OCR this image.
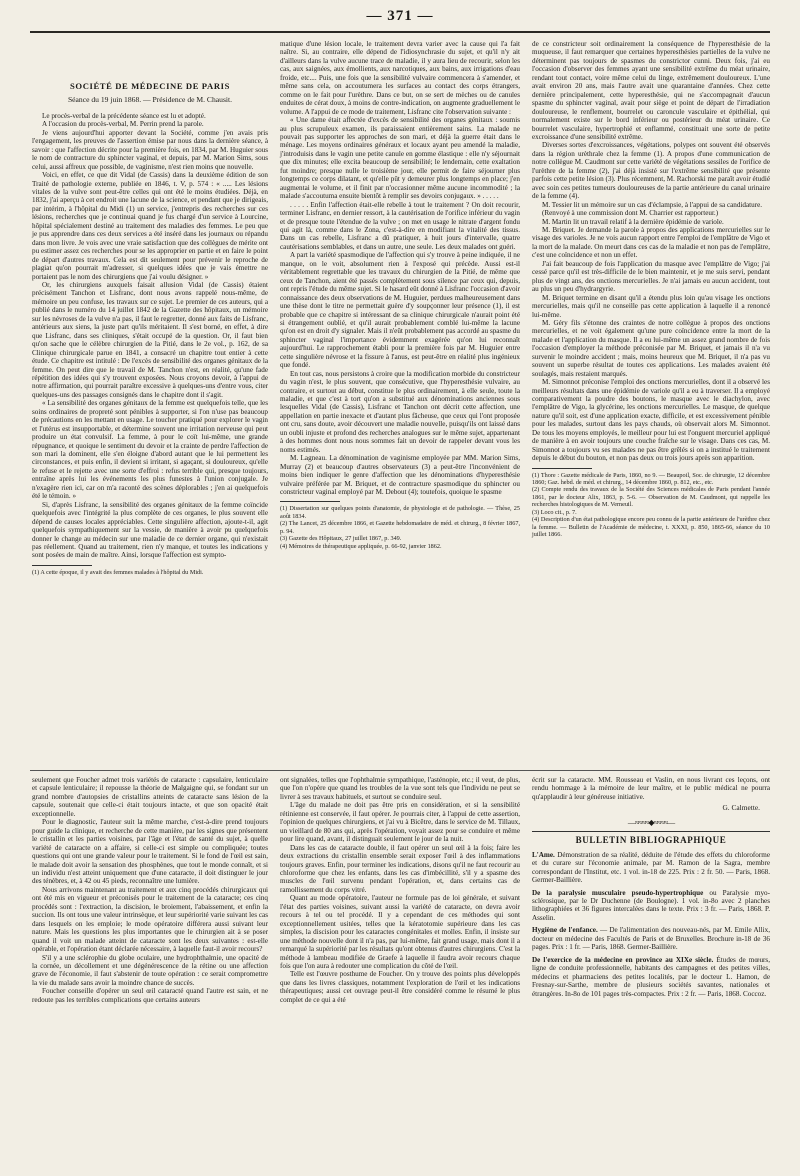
— 371 —
SOCIÉTÉ DE MÉDECINE DE PARIS
Séance du 19 juin 1868. — Présidence de M. Chausit.

Le procès-verbal de la précédente séance est lu et adopté.

A l'occasion du procès-verbal, M. Perrin prend la parole.

Je viens aujourd'hui apporter devant la Société, comme j'en avais pris l'engagement, les preuves de l'assertion émise par nous dans la dernière séance, à savoir : que l'affection décrite pour la première fois, en 1834, par M. Huguier sous le nom de contracture du sphincter vaginal, et depuis, par M. Marion Sims, sous celui, aussi affreux que possible, de vaginisme, n'est rien moins que nouvelle.

Voici, en effet, ce que dit Vidal (de Cassis) dans la deuxième édition de son Traité de pathologie externe, publiée en 1846, t. V, p. 574 : « ..... Les lésions vitales de la vulve sont peut-être celles qui ont été le moins étudiées. Déjà, en 1832, j'ai aperçu à cet endroit une lacune de la science, et pendant que je dirigeais, par intérim, à l'hôpital du Midi (1) un service, j'entrepris des recherches sur ces lésions, recherches que je continuai quand je fus chargé d'un service à Lourcine, hôpital spécialement destiné au traitement des maladies des femmes. Le peu que je pus apprendre dans ces deux services a été inséré dans les journaux ou répandu dans mon livre. Je vois avec une vraie satisfaction que des collègues de mérite ont pu estimer assez ces recherches pour se les approprier en partie et en faire le point de départ d'autres travaux. Cela est dit seulement pour prévenir le reproche de plagiat qu'on pourrait m'adresser, si quelques idées que je vais émettre ne portaient pas le nom des chirurgiens que j'ai voulu désigner. »

Or, les chirurgiens auxquels faisait allusion Vidal (de Cassis) étaient précisément Tanchon et Lisfranc, dont nous avons rappelé nous-même, de mémoire un peu confuse, les travaux sur ce sujet. Le premier de ces auteurs, qui a publié dans le numéro du 14 juillet 1842 de la Gazette des hôpitaux, un mémoire sur les névroses de la vulve n'a pas, il faut le regretter, donné aux faits de Lisfranc, antérieurs aux siens, la juste part qu'ils méritaient. Il s'est borné, en effet, à dire que Lisfranc, dans ses cliniques, s'était occupé de la question. Or, il faut bien qu'on sache que le célèbre chirurgien de la Pitié, dans le 2e vol., p. 162, de sa Clinique chirurgicale parue en 1841, a consacré un chapitre tout entier à cette étude. Ce chapitre est intitulé : De l'excès de sensibilité des organes génitaux de la femme. On peut dire que le travail de M. Tanchon n'est, en réalité, qu'une fade répétition des idées qui s'y trouvent exposées. Nous croyons devoir, à l'appui de notre affirmation, qui pourrait paraître excessive à quelques-uns d'entre vous, citer quelques-uns des passages consignés dans le chapitre dont il s'agit.

« La sensibilité des organes génitaux de la femme est quelquefois telle, que les soins ordinaires de propreté sont pénibles à supporter, si l'on n'use pas beaucoup de précautions en les mettant en usage. Le toucher pratiqué pour explorer le vagin et l'utérus est insupportable, et détermine souvent une irritation nerveuse qui peut produire un état convulsif. La femme, à pour le coït lui-même, une grande répugnance, et quoique le sentiment du devoir et la crainte de perdre l'affection de son mari la dominent, elle s'en éloigne d'abord autant que le lui permettent les circonstances, et puis enfin, il devient si irritant, si agaçant, si douloureux, qu'elle le refuse et le rejette avec une sorte d'effroi : refus terrible qui, presque toujours, entraîne après lui les événements les plus funestes à l'union conjugale. Je n'exagère rien ici, car on m'a raconté des scènes déplorables ; j'en ai quelquefois été le témoin. »

Si, d'après Lisfranc, la sensibilité des organes génitaux de la femme coïncide quelquefois avec l'intégrité la plus complète de ces organes, le plus souvent elle dépend de causes locales appréciables. Cette singulière affection, ajoute-t-il, agit quelquefois sympathiquement sur la vessie, de manière à avoir pu quelquefois donner le change au médecin sur une maladie de ce dernier organe, qui n'existait pas réellement. Quand au traitement, rien n'y manque, et toutes les indications y sont posées de main de maître. Ainsi, lorsque l'affection est sympto-

(1) A cette époque, il y avait des femmes malades à l'hôpital du Midi.

matique d'une lésion locale, le traitement devra varier avec la cause qui l'a fait naître. Si, au contraire, elle dépend de l'idiosynchrasie du sujet, et qu'il n'y ait d'ailleurs dans la vulve aucune trace de maladie, il y aura lieu de recourir, selon les cas, aux saignées, aux émollients, aux narcotiques, aux bains, aux irrigations d'eau froide, etc.... Puis, une fois que la sensibilité vulvaire commencera à s'amender, et même sans cela, on accoutumera les surfaces au contact des corps étrangers, comme on le fait pour l'urèthre. Dans ce but, on se sert de mèches ou de canules enduites de cérat doux, à moins de contre-indication, on augmente graduellement le volume. A l'appui de ce mode de traitement, Lisfranc cite l'observation suivante :

« Une dame était affectée d'excès de sensibilité des organes génitaux : soumis au plus scrupuleux examen, ils paraissaient entièrement sains. La malade ne pouvait pas supporter les approches de son mari, et déjà la guerre était dans le ménage. Les moyens ordinaires généraux et locaux ayant peu amendé la maladie, j'introduisis dans le vagin une petite canule en gomme élastique : elle n'y séjournait que dix minutes; elle excita beaucoup de sensibilité; le lendemain, cette exaltation fut moindre; presque nulle le troisième jour, elle permit de faire séjourner plus longtemps ce corps dilatant, et qu'elle pût y demeurer plus longtemps en place; j'en augmentai le volume, et il finit par n'occasionner même aucune incommodité ; la malade s'accoutuma ensuite bientôt à remplir ses devoirs conjugaux. » . . . . .

. . . . . Enfin l'affection était-elle rebelle à tout le traitement ? On doit recourir, terminer Lisfranc, en dernier ressort, à la cautérisation de l'orifice inférieur du vagin et de presque toute l'étendue de la vulve ; on met en usage le nitrate d'argent fondu qui agit là, comme dans le Zona, c'est-à-dire en modifiant la vitalité des tissus. Dans un cas rebelle, Lisfranc a dû pratiquer, à huit jours d'intervalle, quatre cautérisations semblables, et dans un autre, une seule. Les deux malades ont guéri.

A part la variété spasmodique de l'affection qui s'y trouve à peine indiquée, il ne manque, on le voit, absolument rien à l'exposé qui précède. Aussi est-il véritablement regrettable que les travaux du chirurgien de la Pitié, de même que ceux de Tanchon, aient été passés complètement sous silence par ceux qui, depuis, ont repris l'étude du même sujet. Si le hasard eût donné à Lisfranc l'occasion d'avoir connaissance des deux observations de M. Huguier, perdues malheureusement dans une thèse dont le titre ne permettait guère d'y soupçonner leur présence (1), il est probable que ce chapitre si intéressant de sa clinique chirurgicale n'aurait point été si étrangement oublié, et qu'il aurait probablement comblé lui-même la lacune qu'on est en droit d'y signaler. Mais il n'eût probablement pas accordé au spasme du sphincter vaginal l'importance évidemment exagérée qu'on lui reconnaît aujourd'hui. Le rapprochement établi pour la première fois par M. Huguier entre cette singulière névrose et la fissure à l'anus, est peut-être en réalité plus ingénieux que fondé.

En tout cas, nous persistons à croire que la modification morbide du constricteur du vagin n'est, le plus souvent, que consécutive, que l'hyperesthésie vulvaire, au contraire, et surtout au début, constitue le plus ordinairement, à elle seule, toute la maladie, et que c'est à tort qu'on a substitué aux dénominations anciennes sous lesquelles Vidal (de Cassis), Lisfranc et Tanchon ont décrit cette affection, une appellation en partie inexacte et d'autant plus fâcheuse, que ceux qui l'ont proposée ont cru, sans doute, avoir découvert une maladie nouvelle, puisqu'ils ont laissé dans un oubli injuste et profond des recherches analogues sur le même sujet, appartenant à des hommes dont nous nous sommes fait un devoir de rappeler devant vous les noms estimés.

M. Lagneau. La dénomination de vaginisme employée par MM. Marion Sims, Murray (2) et beaucoup d'autres observateurs (3) a peut-être l'inconvénient de moins bien indiquer le genre d'affection que les dénominations d'hyperesthésie vulvaire préférée par M. Briquet, et de contracture spasmodique du sphincter ou constricteur vaginal employé par M. Debout (4); toutefois, quoique le spasme

(1) Dissertation sur quelques points d'anatomie, de physiologie et de pathologie. — Thèse, 25 août 1834.

(2) The Lancet, 25 décembre 1866, et Gazette hebdomadaire de méd. et chirurg., 8 février 1867, p. 94.

(3) Gazette des Hôpitaux, 27 juillet 1867, p. 349.

(4) Mémoires de thérapeutique appliquée, p. 66-92, janvier 1862.

de ce constricteur soit ordinairement la conséquence de l'hyperesthésie de la muqueuse, il faut remarquer que certaines hyperesthésies partielles de la vulve ne déterminent pas toujours de spasmes du constrictor cunni. Deux fois, j'ai eu l'occasion d'observer des femmes ayant une sensibilité extrême du méat urinaire, rendant tout contact, voire même celui du linge, extrêmement douloureux. L'une avait environ 20 ans, mais l'autre avait une quarantaine d'années. Chez cette dernière principalement, cette hyperesthésie, qui ne s'accompagnait d'aucun spasme du sphincter vaginal, avait pour siège et point de départ de l'irradiation douloureuse, le renflement, bourrelet ou caroncule vasculaire et épithélial, qui normalement existe sur le bord inférieur ou postérieur du méat urinaire. Ce bourrelet vasculaire, hypertrophié et enflammé, constituait une sorte de petite excroissance d'une sensibilité extrême.

Diverses sortes d'excroissances, végétations, polypes ont souvent été observés dans la région urèthrale chez la femme (1). A propos d'une communication de notre collègue M. Caudmont sur cette variété de végétations sessiles de l'orifice de l'urèthre de la femme (2), j'ai déjà insisté sur l'extrême sensibilité que présente parfois cette petite lésion (3). Plus récemment, M. Rachorski me paraît avoir étudié avec soin ces petites tumeurs douloureuses de la partie antérieure du canal urinaire de la femme (4).

M. Tessier lit un mémoire sur un cas d'éclampsie, à l'appui de sa candidature.

(Renvoyé à une commission dont M. Charrier est rapporteur.)

M. Martin lit un travail relatif à la dernière épidémie de variole.

M. Briquet. Je demande la parole à propos des applications mercurielles sur le visage des varioles. Je ne vois aucun rapport entre l'emploi de l'emplâtre de Vigo et la mort de la malade. On meurt dans ces cas de la maladie et non pas de l'emplâtre, c'est une coïncidence et non un effet.

J'ai fait beaucoup de fois l'application du masque avec l'emplâtre de Vigo; j'ai cessé parce qu'il est très-difficile de le bien maintenir, et je me suis servi, pendant plus de vingt ans, des onctions mercurielles. Je n'ai jamais eu aucun accident, tout au plus un peu d'hydrargyrie.

M. Briquet termine en disant qu'il a étendu plus loin qu'au visage les onctions mercurielles, mais qu'il ne conseille pas cette application à laquelle il a renoncé lui-même.

M. Géry fils s'étonne des craintes de notre collègue à propos des onctions mercurielles, et ne voit également qu'une pure coïncidence entre la mort de la malade et l'application du masque. Il a eu lui-même un assez grand nombre de fois l'occasion d'employer la méthode préconisée par M. Briquet, et jamais il n'a vu survenir le moindre accident ; mais, moins heureux que M. Briquet, il n'a pas vu souvent un superbe résultat de toutes ces applications. Les malades avaient été soulagés, mais restaient marqués.

M. Simonnot préconise l'emploi des onctions mercurielles, dont il a observé les meilleurs résultats dans une épidémie de variole qu'il a eu à traverser. Il a employé comparativement la poudre des boutons, le masque avec le diachylon, avec l'emplâtre de Vigo, la glycérine, les onctions mercurielles. Le masque, de quelque nature qu'il soit, est d'une application exacte, difficile, et est excessivement pénible pour les malades, surtout dans les pays chauds, où observait alors M. Simonnot. De tous les moyens employés, le meilleur pour lui est l'onguent mercuriel appliqué de manière à en avoir toujours une couche fraîche sur le visage. Dans ces cas, M. Simonnot a toujours vu ses malades ne pas être grêlés si on a institué le traitement depuis le début du bouton, et non pas deux ou trois jours après son apparition.

(1) Thore : Gazette médicale de Paris, 1860, no 9. — Beaupoil, Soc. de chirurgie, 12 décembre 1860; Gaz. hebd. de méd. et chirurg., 14 décembre 1860, p. 812, etc., etc.

(2) Compte rendu des travaux de la Société des Sciences médicales de Paris pendant l'année 1861, par le docteur Alix, 1863, p. 5-6. — Observation de M. Caudmont, qui rappelle les recherches histologiques de M. Verneuil.

(3) Loco cit., p. 7.

(4) Description d'un état pathologique encore peu connu de la partie antérieure de l'urèthre chez la femme. — Bulletin de l'Académie de médecine, t. XXXI, p. 850, 1865-66, séance du 10 juillet 1866.

seulement que Foucher admet trois variétés de cataracte : capsulaire, lenticulaire et capsule lenticulaire; il repousse la théorie de Malgaigne qui, se fondant sur un grand nombre d'autopsies de cristallins atteints de cataracte sans lésion de la capsule, soutenait que celle-ci était toujours intacte, et que son opacité était exceptionnelle.

Pour le diagnostic, l'auteur suit la même marche, c'est-à-dire prend toujours pour guide la clinique, et recherche de cette manière, par les signes que présentent le cristallin et les parties voisines, par l'âge et l'état de santé du sujet, à quelle variété de cataracte on a affaire, si celle-ci est simple ou compliquée; toutes questions qui ont une grande valeur pour le traitement. Si le fond de l'œil est sain, le malade doit avoir la sensation des phosphènes, que tout le monde connaît, et si un individu n'est atteint uniquement que d'une cataracte, il doit distinguer le jour des ténèbres, et, à 42 ou 45 pieds, reconnaître une lumière.

Nous arrivons maintenant au traitement et aux cinq procédés chirurgicaux qui ont été mis en vigueur et préconisés pour le traitement de la cataracte; ces cinq procédés sont : l'extraction, la discision, le broiement, l'abaissement, et enfin la succion. Ils ont tous une valeur intrinsèque, et leur supériorité varie suivant les cas dans lesquels on les emploie; le mode opératoire différera aussi suivant leur nature. Mais les questions les plus importantes que le chirurgien ait à se poser quand il voit un malade atteint de cataracte sont les deux suivantes : est-elle opérable, et l'opération étant déclarée nécessaire, à laquelle faut-il avoir recours?

S'il y a une sclérophie du globe oculaire, une hydrophthalmie, une opacité de la cornée, un décollement et une dégénérescence de la rétine ou une affection grave de l'économie, il faut s'abstenir de toute opération : ce serait compromettre la vie du malade sans avoir la moindre chance de succès.

Foucher conseille d'opérer un seul œil cataracté quand l'autre est sain, et ne redoute pas les terribles complications que certains auteurs

ont signalées, telles que l'ophthalmie sympathique, l'asténopie, etc.; il veut, de plus, que l'on n'opère que quand les troubles de la vue sont tels que l'individu ne peut se livrer à ses travaux habituels, et surtout se conduire seul.

L'âge du malade ne doit pas être pris en considération, et si la sensibilité rétinienne est conservée, il faut opérer. Je pourrais citer, à l'appui de cette assertion, l'opinion de quelques chirurgiens, et j'ai vu à Bicêtre, dans le service de M. Tillaux, un vieillard de 80 ans qui, après l'opération, voyait assez pour se conduire et même pour lire quand, avant, il distinguait seulement le jour de la nuit.

Dans les cas de cataracte double, il faut opérer un seul œil à la fois; faire les deux extractions du cristallin ensemble serait exposer l'œil à des inflammations toujours graves. Enfin, pour terminer les indications, disons qu'il ne faut recourir au chloroforme que chez les enfants, dans les cas d'imbécillité, s'il y a spasme des muscles de l'œil survenu pendant l'opération, et, dans certains cas de ramollissement du corps vitré.

Quant au mode opératoire, l'auteur ne formule pas de loi générale, et suivant l'état des parties voisines, suivant aussi la variété de cataracte, on devra avoir recours à tel ou tel procédé. Il y a cependant de ces méthodes qui sont exceptionnellement usitées, telles que la kératotomie supérieure dans les cas simples, la discision pour les cataractes congénitales et molles. Enfin, il insiste sur une méthode nouvelle dont il n'a pas, par lui-même, fait grand usage, mais dont il a remarqué la supériorité par les résultats qu'ont obtenus d'autres chirurgiens. C'est la méthode à lambeau modifiée de Graefe à laquelle il faudra avoir recours chaque fois que l'on aura à redouter une complication du côté de l'œil.

Telle est l'œuvre posthume de Foucher. On y trouve des points plus développés que dans les livres classiques, notamment l'exploration de l'œil et les indications thérapeutiques; aussi cet ouvrage peut-il être considéré comme le résumé le plus complet de ce qui a été

écrit sur la cataracte. MM. Rousseau et Vaslin, en nous livrant ces leçons, ont rendu hommage à la mémoire de leur maître, et le public médical ne pourra qu'applaudir à leur généreuse initiative.

G. Calmette.
—≈≈≈≈◆≈≈≈≈—
BULLETIN BIBLIOGRAPHIQUE

L'Ame. Démonstration de sa réalité, déduite de l'étude des effets du chloroforme et du curare sur l'économie animale, par M. Ramon de la Sagra, membre correspondant de l'Institut, etc. 1 vol. in-18 de 225. Prix : 2 fr. 50. — Paris, 1868. Germer-Baillière.

De la paralysie musculaire pseudo-hypertrophique ou Paralysie myo-sclérosique, par le Dr Duchenne (de Boulogne). 1 vol. in-8o avec 2 planches lithographiées et 36 figures intercalées dans le texte. Prix : 3 fr. — Paris, 1868. P. Asselin.

Hygiène de l'enfance. — De l'alimentation des nouveau-nés, par M. Emile Allix, docteur en médecine des Facultés de Paris et de Bruxelles. Brochure in-18 de 36 pages. Prix : 1 fr. — Paris, 1868. Germer-Baillière.

De l'exercice de la médecine en province au XIXe siècle. Études de mœurs, ligne de conduite professionnelle, habitants des campagnes et des petites villes, médecins et pharmaciens des petites localités, par le docteur L. Hamon, de Fresnay-sur-Sarthe, membre de plusieurs sociétés savantes, nationales et étrangères. In-8o de 101 pages très-compactes. Prix : 2 fr. — Paris, 1868. Coccoz.
